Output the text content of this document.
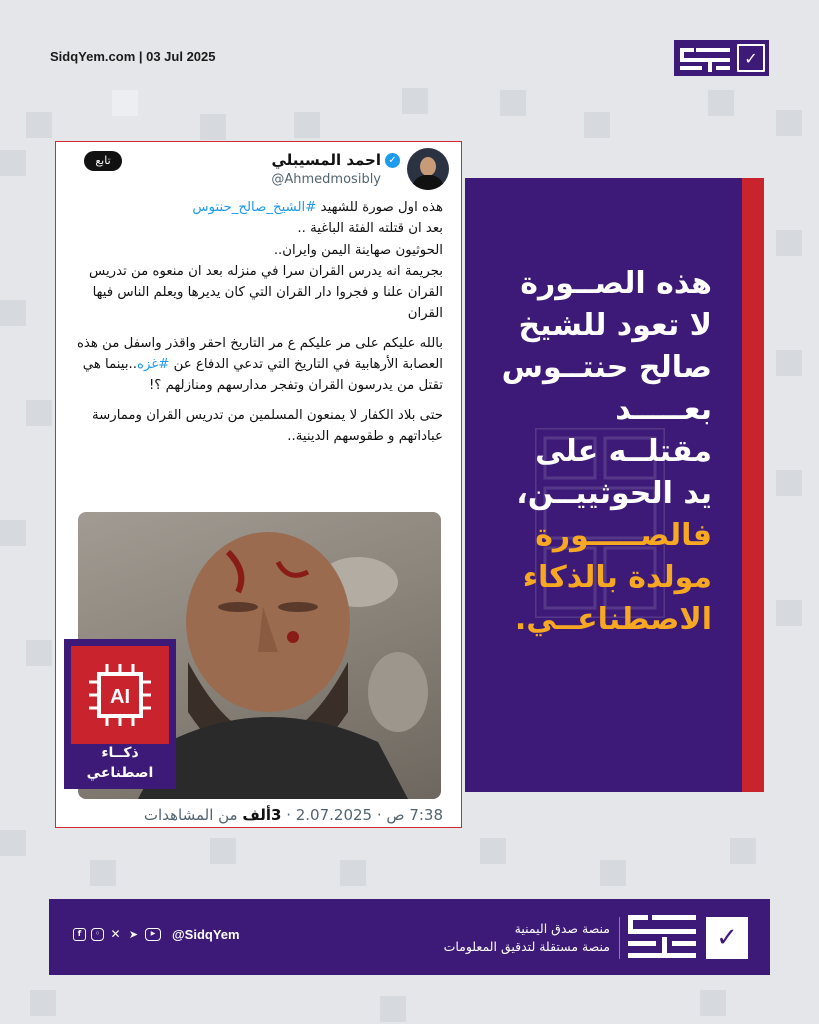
SidqYem.com | 03 Jul 2025	✓
هذه الصــورة
لا تعود للشيخ
صالح حنتــوس
بعـــــد
مقتلــه على
يد الحوثييــن،
فالصـــــورة
مولدة بالذكاء
الاصطناعــي.
تابع	احمد المسيبلي ✓
@Ahmedmosibly

هذه اول صورة للشهيد #الشيخ_صالح_حنتوس
بعد ان قتلته الفئة الباغية ..
الحوثيون صهاينة اليمن وايران..
بجريمة انه يدرس القران سرا في منزله بعد ان منعوه من تدريس القران علنا و فجروا دار القران التي كان يديرها ويعلم الناس فيها القران

بالله عليكم على مر عليكم ع مر التاريخ احقر واقذر واسفل من هذه العصابة الأرهابية في التاريخ التي تدعي الدفاع عن #غزه..بينما هي تقتل من يدرسون القران وتفجر مدارسهم ومنازلهم ؟!

حتى بلاد الكفار لا يمنعون المسلمين من تدريس القران وممارسة عباداتهم و طقوسهم الدينية..

7:38 ص · 2.07.2025 · 3ألف من المشاهدات
AI
ذكــاء
اصطناعي
f	◦ ✕ ➤	▶	@SidqYem	منصة صدق اليمنية
منصة مستقلة لتدقيق المعلومات	✓
